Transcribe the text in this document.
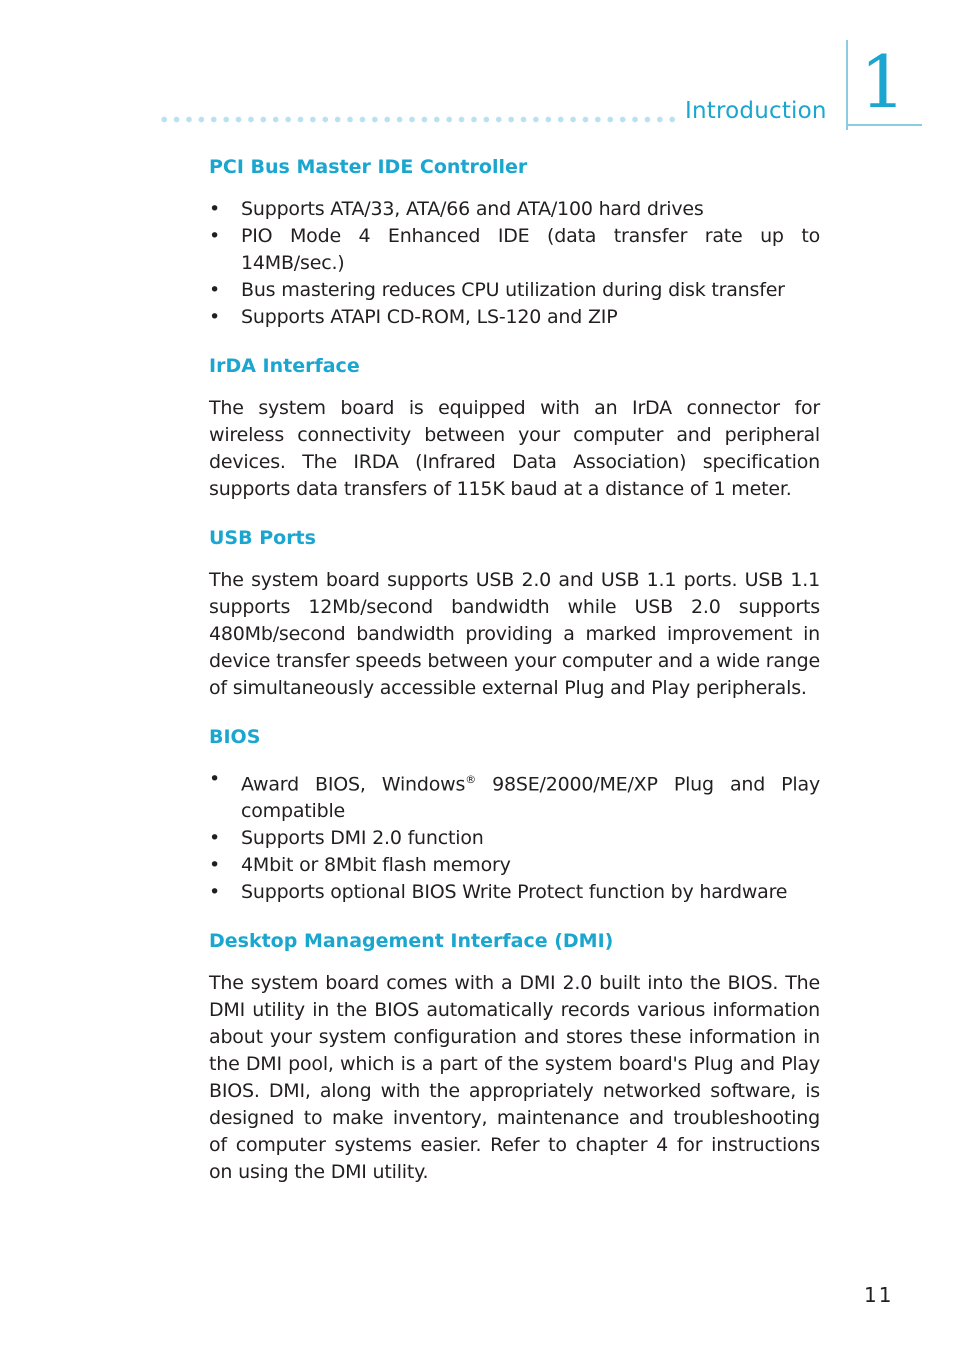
Introduction 1
PCI Bus Master IDE Controller
• Supports ATA/33, ATA/66 and ATA/100 hard drives
• PIO Mode 4 Enhanced IDE (data transfer rate up to 14MB/sec.)
• Bus mastering reduces CPU utilization during disk transfer
• Supports ATAPI CD-ROM, LS-120 and ZIP
IrDA Interface

The system board is equipped with an IrDA connector for wireless connectivity between your computer and peripheral devices. The IRDA (Infrared Data Association) specification supports data transfers of 115K baud at a distance of 1 meter.

USB Ports

The system board supports USB 2.0 and USB 1.1 ports. USB 1.1 supports 12Mb/second bandwidth while USB 2.0 supports 480Mb/second bandwidth providing a marked improvement in device transfer speeds between your computer and a wide range of simultaneously accessible external Plug and Play peripherals.

BIOS
• Award BIOS, Windows® 98SE/2000/ME/XP Plug and Play compatible
• Supports DMI 2.0 function
• 4Mbit or 8Mbit flash memory
• Supports optional BIOS Write Protect function by hardware
Desktop Management Interface (DMI)

The system board comes with a DMI 2.0 built into the BIOS. The DMI utility in the BIOS automatically records various information about your system configuration and stores these information in the DMI pool, which is a part of the system board's Plug and Play BIOS. DMI, along with the appropriately networked software, is designed to make inventory, maintenance and troubleshooting of computer systems easier. Refer to chapter 4 for instructions on using the DMI utility.

11
